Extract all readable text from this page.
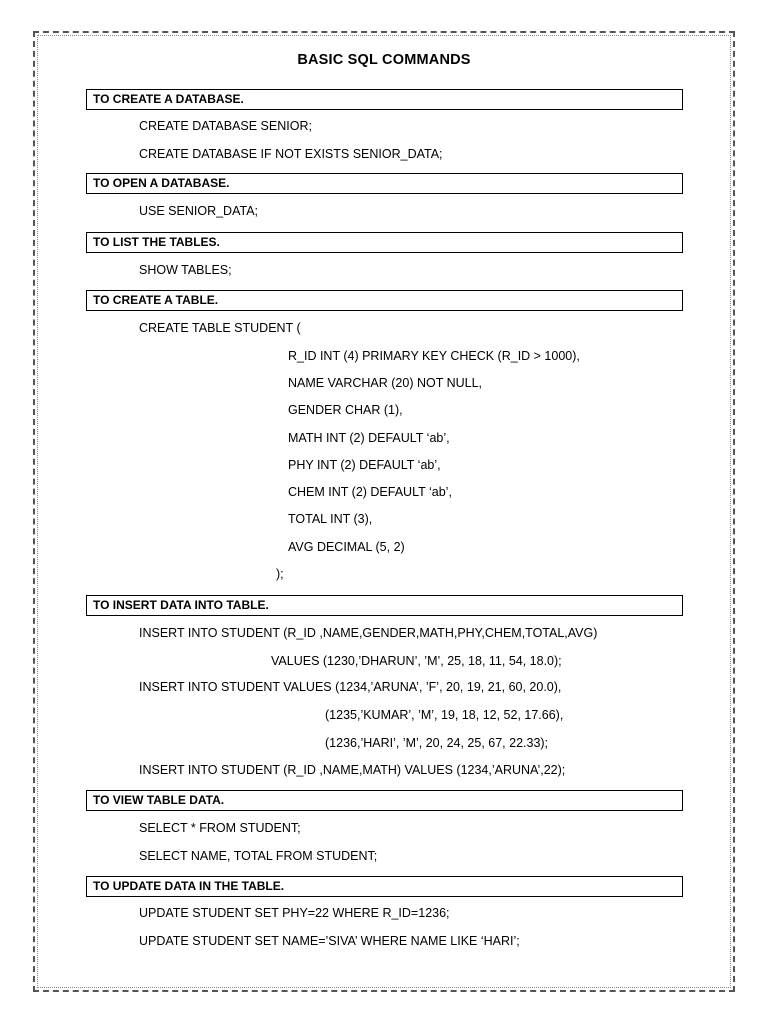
BASIC SQL COMMANDS
TO CREATE A DATABASE.
CREATE DATABASE SENIOR;
CREATE DATABASE IF NOT EXISTS SENIOR_DATA;
TO OPEN A DATABASE.
USE SENIOR_DATA;
TO LIST THE TABLES.
SHOW TABLES;
TO CREATE A TABLE.
CREATE TABLE STUDENT (
R_ID INT (4) PRIMARY KEY CHECK (R_ID > 1000),
NAME VARCHAR (20) NOT NULL,
GENDER CHAR (1),
MATH INT (2) DEFAULT ‘ab’,
PHY INT (2) DEFAULT ‘ab’,
CHEM INT (2) DEFAULT ‘ab’,
TOTAL INT (3),
AVG DECIMAL (5, 2)
);
TO INSERT DATA INTO TABLE.
INSERT INTO STUDENT (R_ID ,NAME,GENDER,MATH,PHY,CHEM,TOTAL,AVG)
VALUES (1230,’DHARUN’, ’M’, 25, 18, 11, 54, 18.0);
INSERT INTO STUDENT VALUES (1234,’ARUNA’, ’F’, 20, 19, 21, 60, 20.0),
(1235,’KUMAR’, ’M’, 19, 18, 12, 52, 17.66),
(1236,’HARI’, ’M’, 20, 24, 25, 67, 22.33);
INSERT INTO STUDENT (R_ID ,NAME,MATH) VALUES (1234,’ARUNA’,22);
TO VIEW TABLE DATA.
SELECT * FROM STUDENT;
SELECT NAME, TOTAL FROM STUDENT;
TO UPDATE DATA IN THE TABLE.
UPDATE STUDENT SET PHY=22 WHERE R_ID=1236;
UPDATE STUDENT SET NAME=’SIVA’ WHERE NAME LIKE ‘HARI’;
